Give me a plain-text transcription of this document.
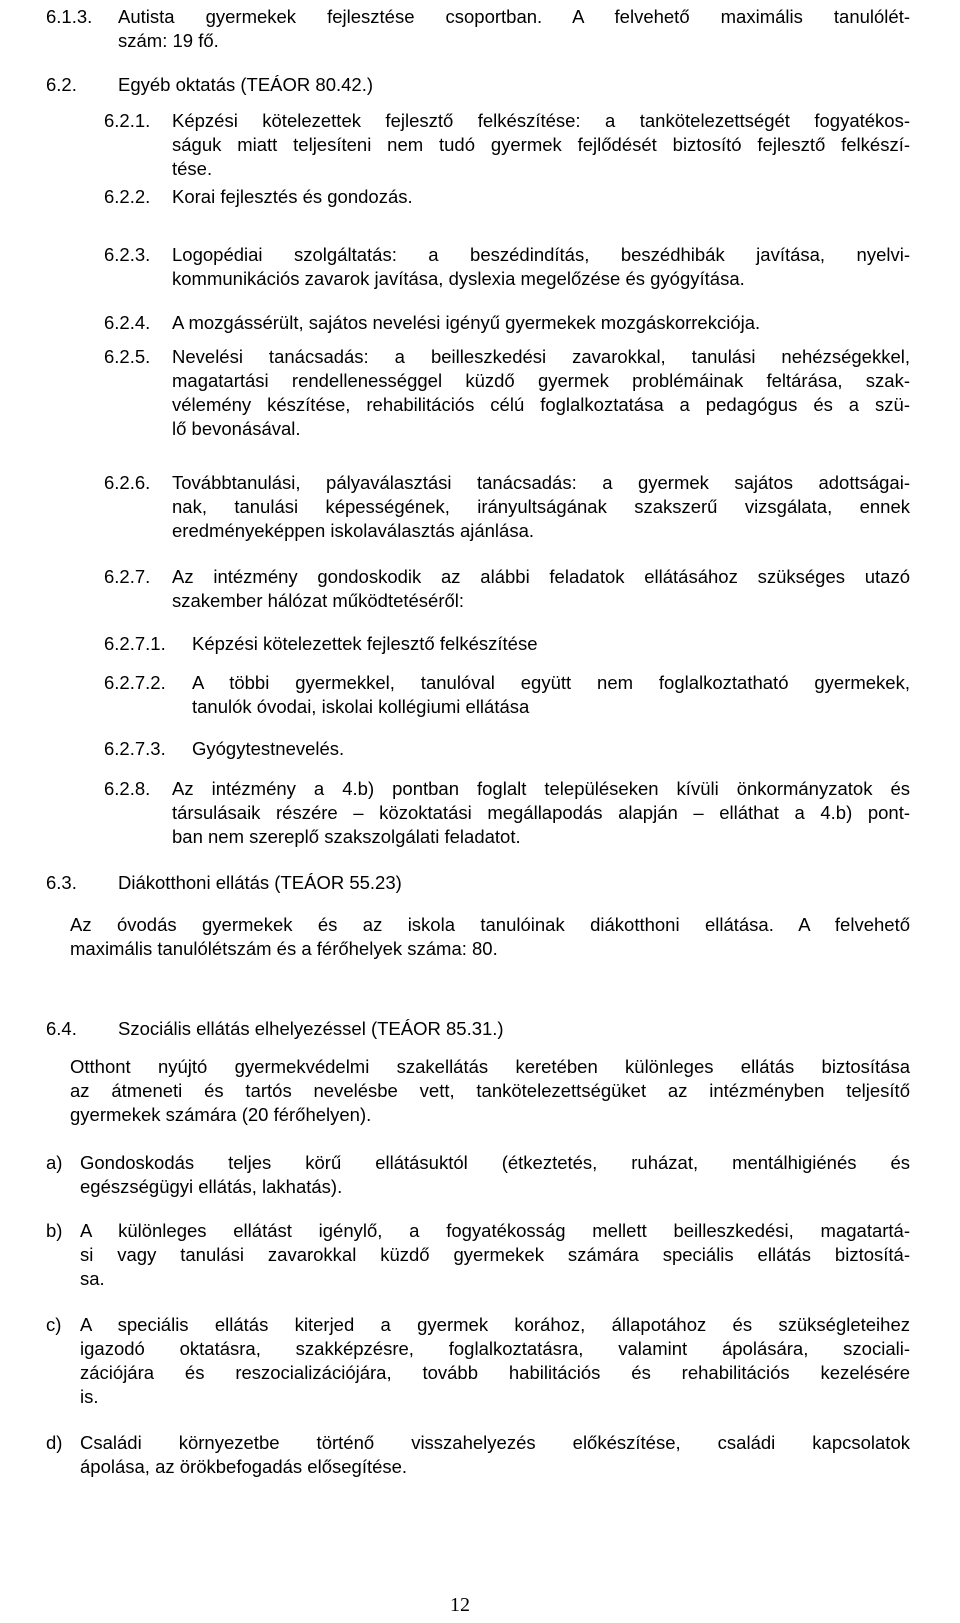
6.1.3. Autista gyermekek fejlesztése csoportban. A felvehető maximális tanulólét-
szám: 19 fő.
6.2. Egyéb oktatás (TEÁOR 80.42.)
6.2.1. Képzési kötelezettek fejlesztő felkészítése: a tankötelezettségét fogyatékos-
ságuk miatt teljesíteni nem tudó gyermek fejlődését biztosító fejlesztő felkészí-
tése.
6.2.2. Korai fejlesztés és gondozás.
6.2.3. Logopédiai szolgáltatás: a beszédindítás, beszédhibák javítása, nyelvi-
kommunikációs zavarok javítása, dyslexia megelőzése és gyógyítása.
6.2.4. A mozgássérült, sajátos nevelési igényű gyermekek mozgáskorrekciója.
6.2.5. Nevelési tanácsadás: a beilleszkedési zavarokkal, tanulási nehézségekkel,
magatartási rendellenességgel küzdő gyermek problémáinak feltárása, szak-
vélemény készítése, rehabilitációs célú foglalkoztatása a pedagógus és a szü-
lő bevonásával.
6.2.6. Továbbtanulási, pályaválasztási tanácsadás: a gyermek sajátos adottságai-
nak, tanulási képességének, irányultságának szakszerű vizsgálata, ennek
eredményeképpen iskolaválasztás ajánlása.
6.2.7. Az intézmény gondoskodik az alábbi feladatok ellátásához szükséges utazó
szakember hálózat működtetéséről:
6.2.7.1. Képzési kötelezettek fejlesztő felkészítése
6.2.7.2. A többi gyermekkel, tanulóval együtt nem foglalkoztatható gyermekek,
tanulók óvodai, iskolai kollégiumi ellátása
6.2.7.3. Gyógytestnevelés.
6.2.8. Az intézmény a 4.b) pontban foglalt településeken kívüli önkormányzatok és
társulásaik részére – közoktatási megállapodás alapján – elláthat a 4.b) pont-
ban nem szereplő szakszolgálati feladatot.
6.3. Diákotthoni ellátás (TEÁOR 55.23)
Az óvodás gyermekek és az iskola tanulóinak diákotthoni ellátása. A felvehető
maximális tanulólétszám és a férőhelyek száma: 80.
6.4. Szociális ellátás elhelyezéssel (TEÁOR 85.31.)
Otthont nyújtó gyermekvédelmi szakellátás keretében különleges ellátás biztosítása
az átmeneti és tartós nevelésbe vett, tankötelezettségüket az intézményben teljesítő
gyermekek számára (20 férőhelyen).
a) Gondoskodás teljes körű ellátásuktól (étkeztetés, ruházat, mentálhigiénés és
egészségügyi ellátás, lakhatás).
b) A különleges ellátást igénylő, a fogyatékosság mellett beilleszkedési, magatartá-
si vagy tanulási zavarokkal küzdő gyermekek számára speciális ellátás biztosítá-
sa.
c) A speciális ellátás kiterjed a gyermek korához, állapotához és szükségleteihez
igazodó oktatásra, szakképzésre, foglalkoztatásra, valamint ápolására, szociali-
zációjára és reszocializációjára, tovább habilitációs és rehabilitációs kezelésére
is.
d) Családi környezetbe történő visszahelyezés előkészítése, családi kapcsolatok
ápolása, az örökbefogadás elősegítése.
12
